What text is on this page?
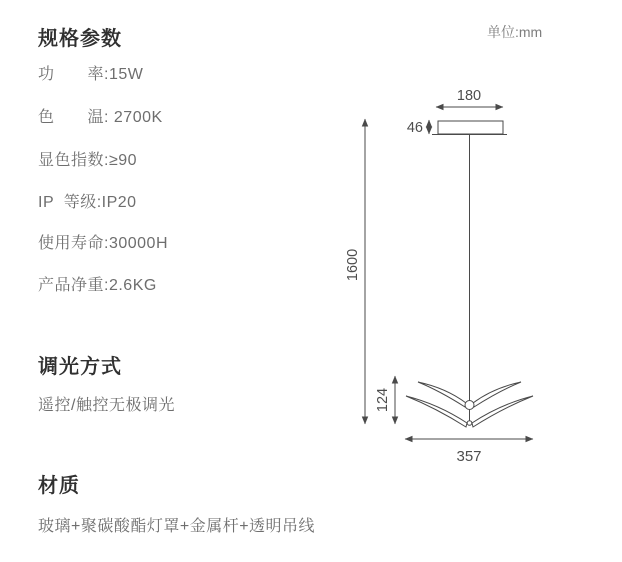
规格参数
功　　率:15W
色　　温: 2700K
显色指数:≥90
IP  等级:IP20
使用寿命:30000H
产品净重:2.6KG
调光方式
遥控/触控无极调光
材质
玻璃+聚碳酸酯灯罩+金属杆+透明吊线
单位:mm
180
46
1600
124
357
